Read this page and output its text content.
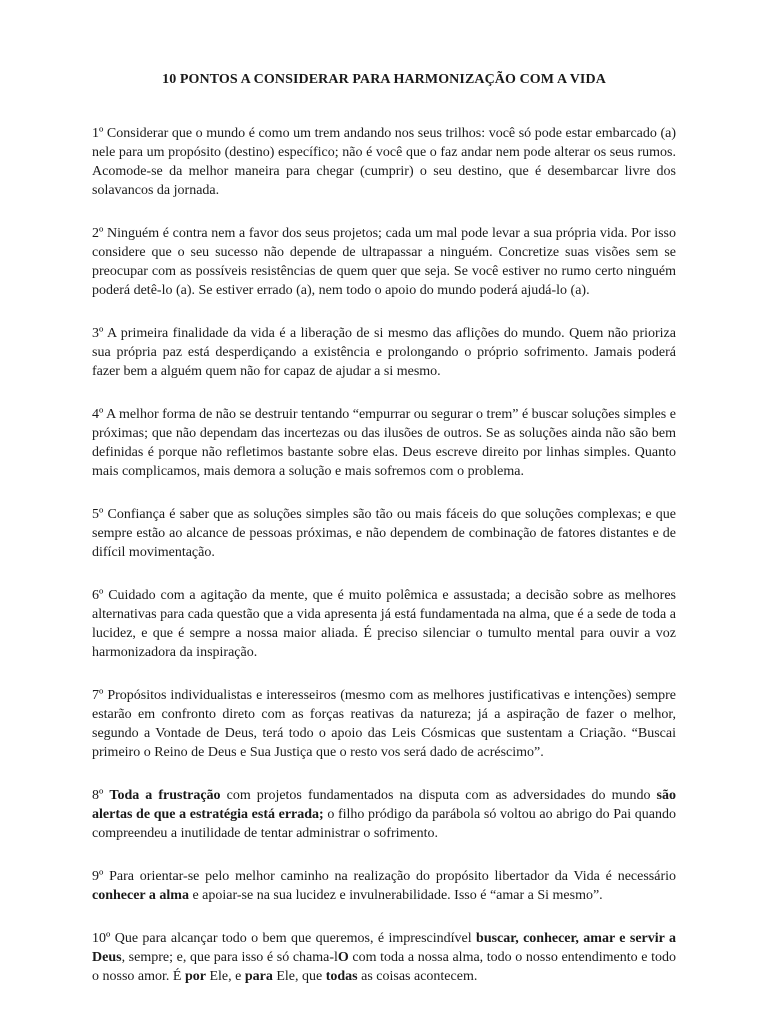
10 PONTOS A CONSIDERAR PARA HARMONIZAÇÃO COM A VIDA

1º Considerar que o mundo é como um trem andando nos seus trilhos: você só pode estar embarcado (a) nele para um propósito (destino) específico; não é você que o faz andar nem pode alterar os seus rumos. Acomode-se da melhor maneira para chegar (cumprir) o seu destino, que é desembarcar livre dos solavancos da jornada.

2º Ninguém é contra nem a favor dos seus projetos; cada um mal pode levar a sua própria vida. Por isso considere que o seu sucesso não depende de ultrapassar a ninguém. Concretize suas visões sem se preocupar com as possíveis resistências de quem quer que seja. Se você estiver no rumo certo ninguém poderá detê-lo (a). Se estiver errado (a), nem todo o apoio do mundo poderá ajudá-lo (a).

3º A primeira finalidade da vida é a liberação de si mesmo das aflições do mundo. Quem não prioriza sua própria paz está desperdiçando a existência e prolongando o próprio sofrimento. Jamais poderá fazer bem a alguém quem não for capaz de ajudar a si mesmo.

4º A melhor forma de não se destruir tentando “empurrar ou segurar o trem” é buscar soluções simples e próximas; que não dependam das incertezas ou das ilusões de outros. Se as soluções ainda não são bem definidas é porque não refletimos bastante sobre elas. Deus escreve direito por linhas simples. Quanto mais complicamos, mais demora a solução e mais sofremos com o problema.

5º Confiança é saber que as soluções simples são tão ou mais fáceis do que soluções complexas; e que sempre estão ao alcance de pessoas próximas, e não dependem de combinação de fatores distantes e de difícil movimentação.

6º Cuidado com a agitação da mente, que é muito polêmica e assustada; a decisão sobre as melhores alternativas para cada questão que a vida apresenta já está fundamentada na alma, que é a sede de toda a lucidez, e que é sempre a nossa maior aliada. É preciso silenciar o tumulto mental para ouvir a voz harmonizadora da inspiração.

7º Propósitos individualistas e interesseiros (mesmo com as melhores justificativas e intenções) sempre estarão em confronto direto com as forças reativas da natureza; já a aspiração de fazer o melhor, segundo a Vontade de Deus, terá todo o apoio das Leis Cósmicas que sustentam a Criação. “Buscai primeiro o Reino de Deus e Sua Justiça que o resto vos será dado de acréscimo”.

8º Toda a frustração com projetos fundamentados na disputa com as adversidades do mundo são alertas de que a estratégia está errada; o filho pródigo da parábola só voltou ao abrigo do Pai quando compreendeu a inutilidade de tentar administrar o sofrimento.

9º Para orientar-se pelo melhor caminho na realização do propósito libertador da Vida é necessário conhecer a alma e apoiar-se na sua lucidez e invulnerabilidade. Isso é “amar a Si mesmo”.

10º Que para alcançar todo o bem que queremos, é imprescindível buscar, conhecer, amar e servir a Deus, sempre; e, que para isso é só chama-lO com toda a nossa alma, todo o nosso entendimento e todo o nosso amor. É por Ele, e para Ele, que todas as coisas acontecem.
